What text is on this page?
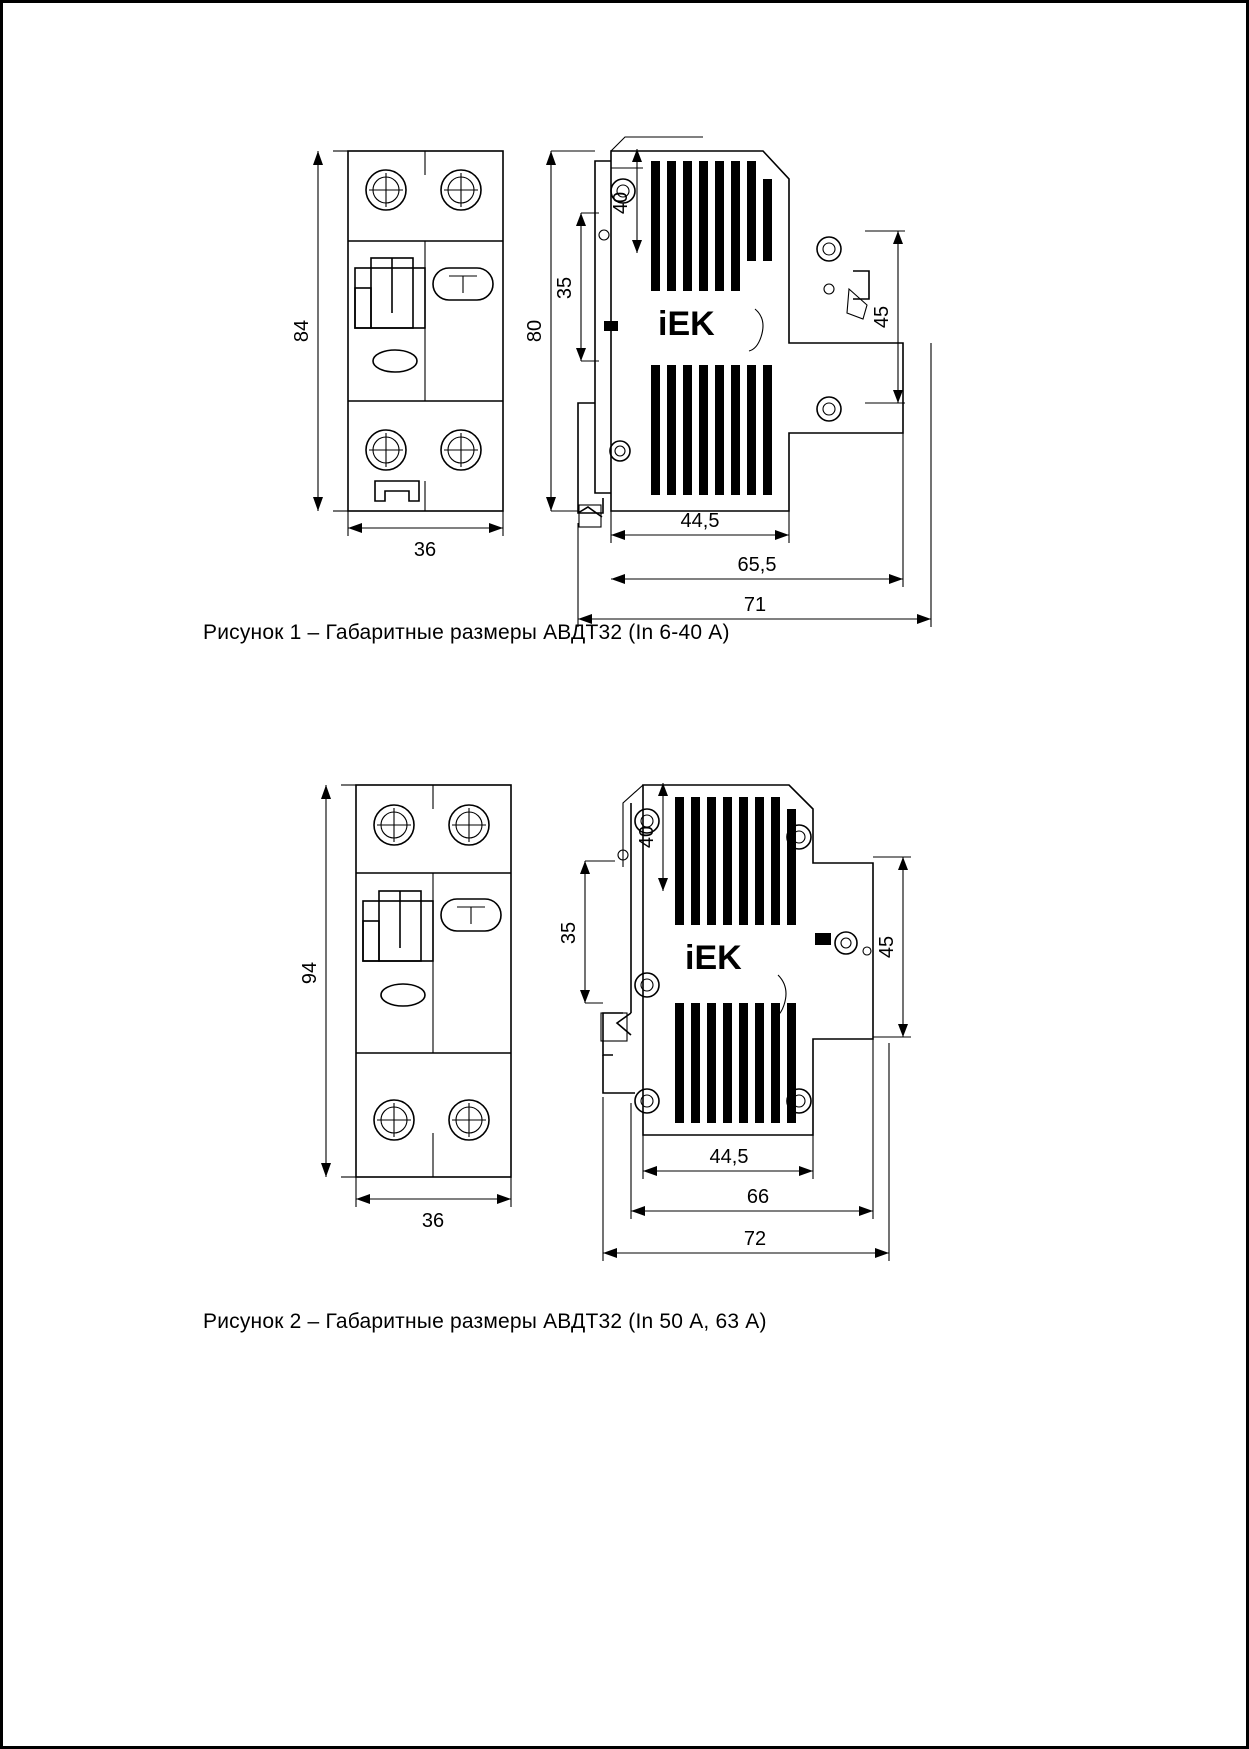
84
36
iEK
80
35
40
45
44,5
65,5
71
Рисунок 1 – Габаритные размеры АВДТ32 (In 6-40 А)
94
36
iEK
35
40
45
44,5
66
72
Рисунок 2 – Габаритные размеры АВДТ32 (In 50 А, 63 А)
